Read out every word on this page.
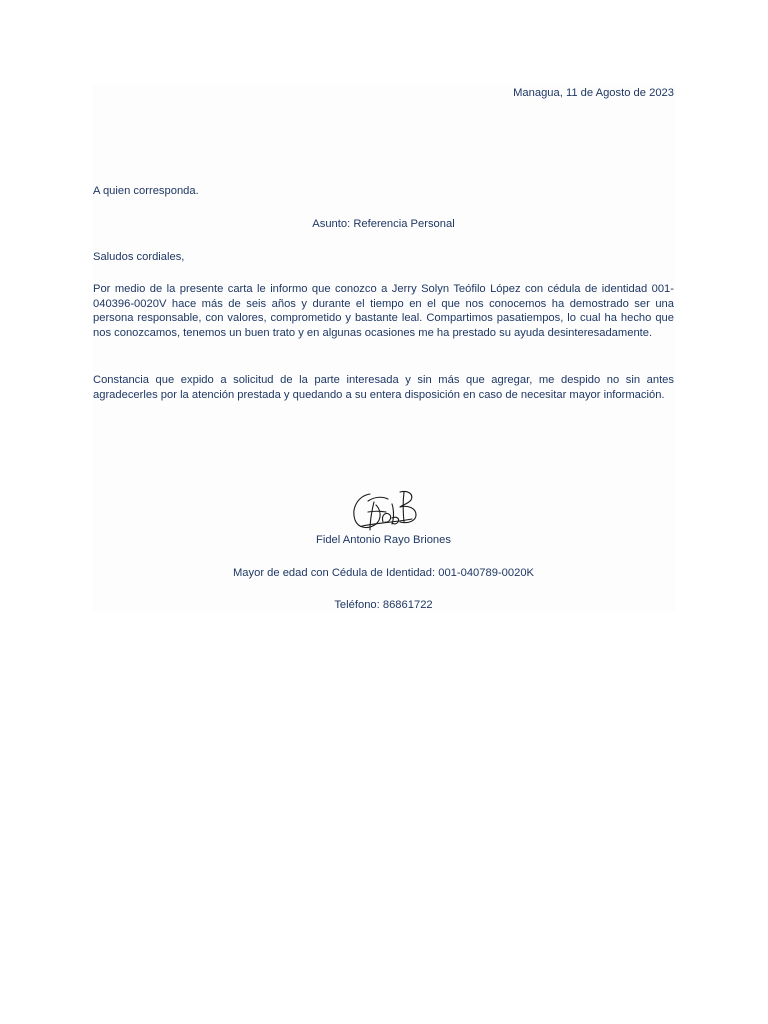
Managua, 11 de Agosto de 2023
A quien corresponda.
Asunto: Referencia Personal
Saludos cordiales,
Por medio de la presente carta le informo que conozco a Jerry Solyn Teófilo López con cédula de identidad 001-040396-0020V hace más de seis años y durante el tiempo en el que nos conocemos ha demostrado ser una persona responsable, con valores, comprometido y bastante leal. Compartimos pasatiempos, lo cual ha hecho que nos conozcamos, tenemos un buen trato y en algunas ocasiones me ha prestado su ayuda desinteresadamente.
Constancia que expido a solicitud de la parte interesada y sin más que agregar, me despido no sin antes agradecerles por la atención prestada y quedando a su entera disposición en caso de necesitar mayor información.
Fidel Antonio Rayo Briones
Mayor de edad con Cédula de Identidad: 001-040789-0020K
Teléfono: 86861722
